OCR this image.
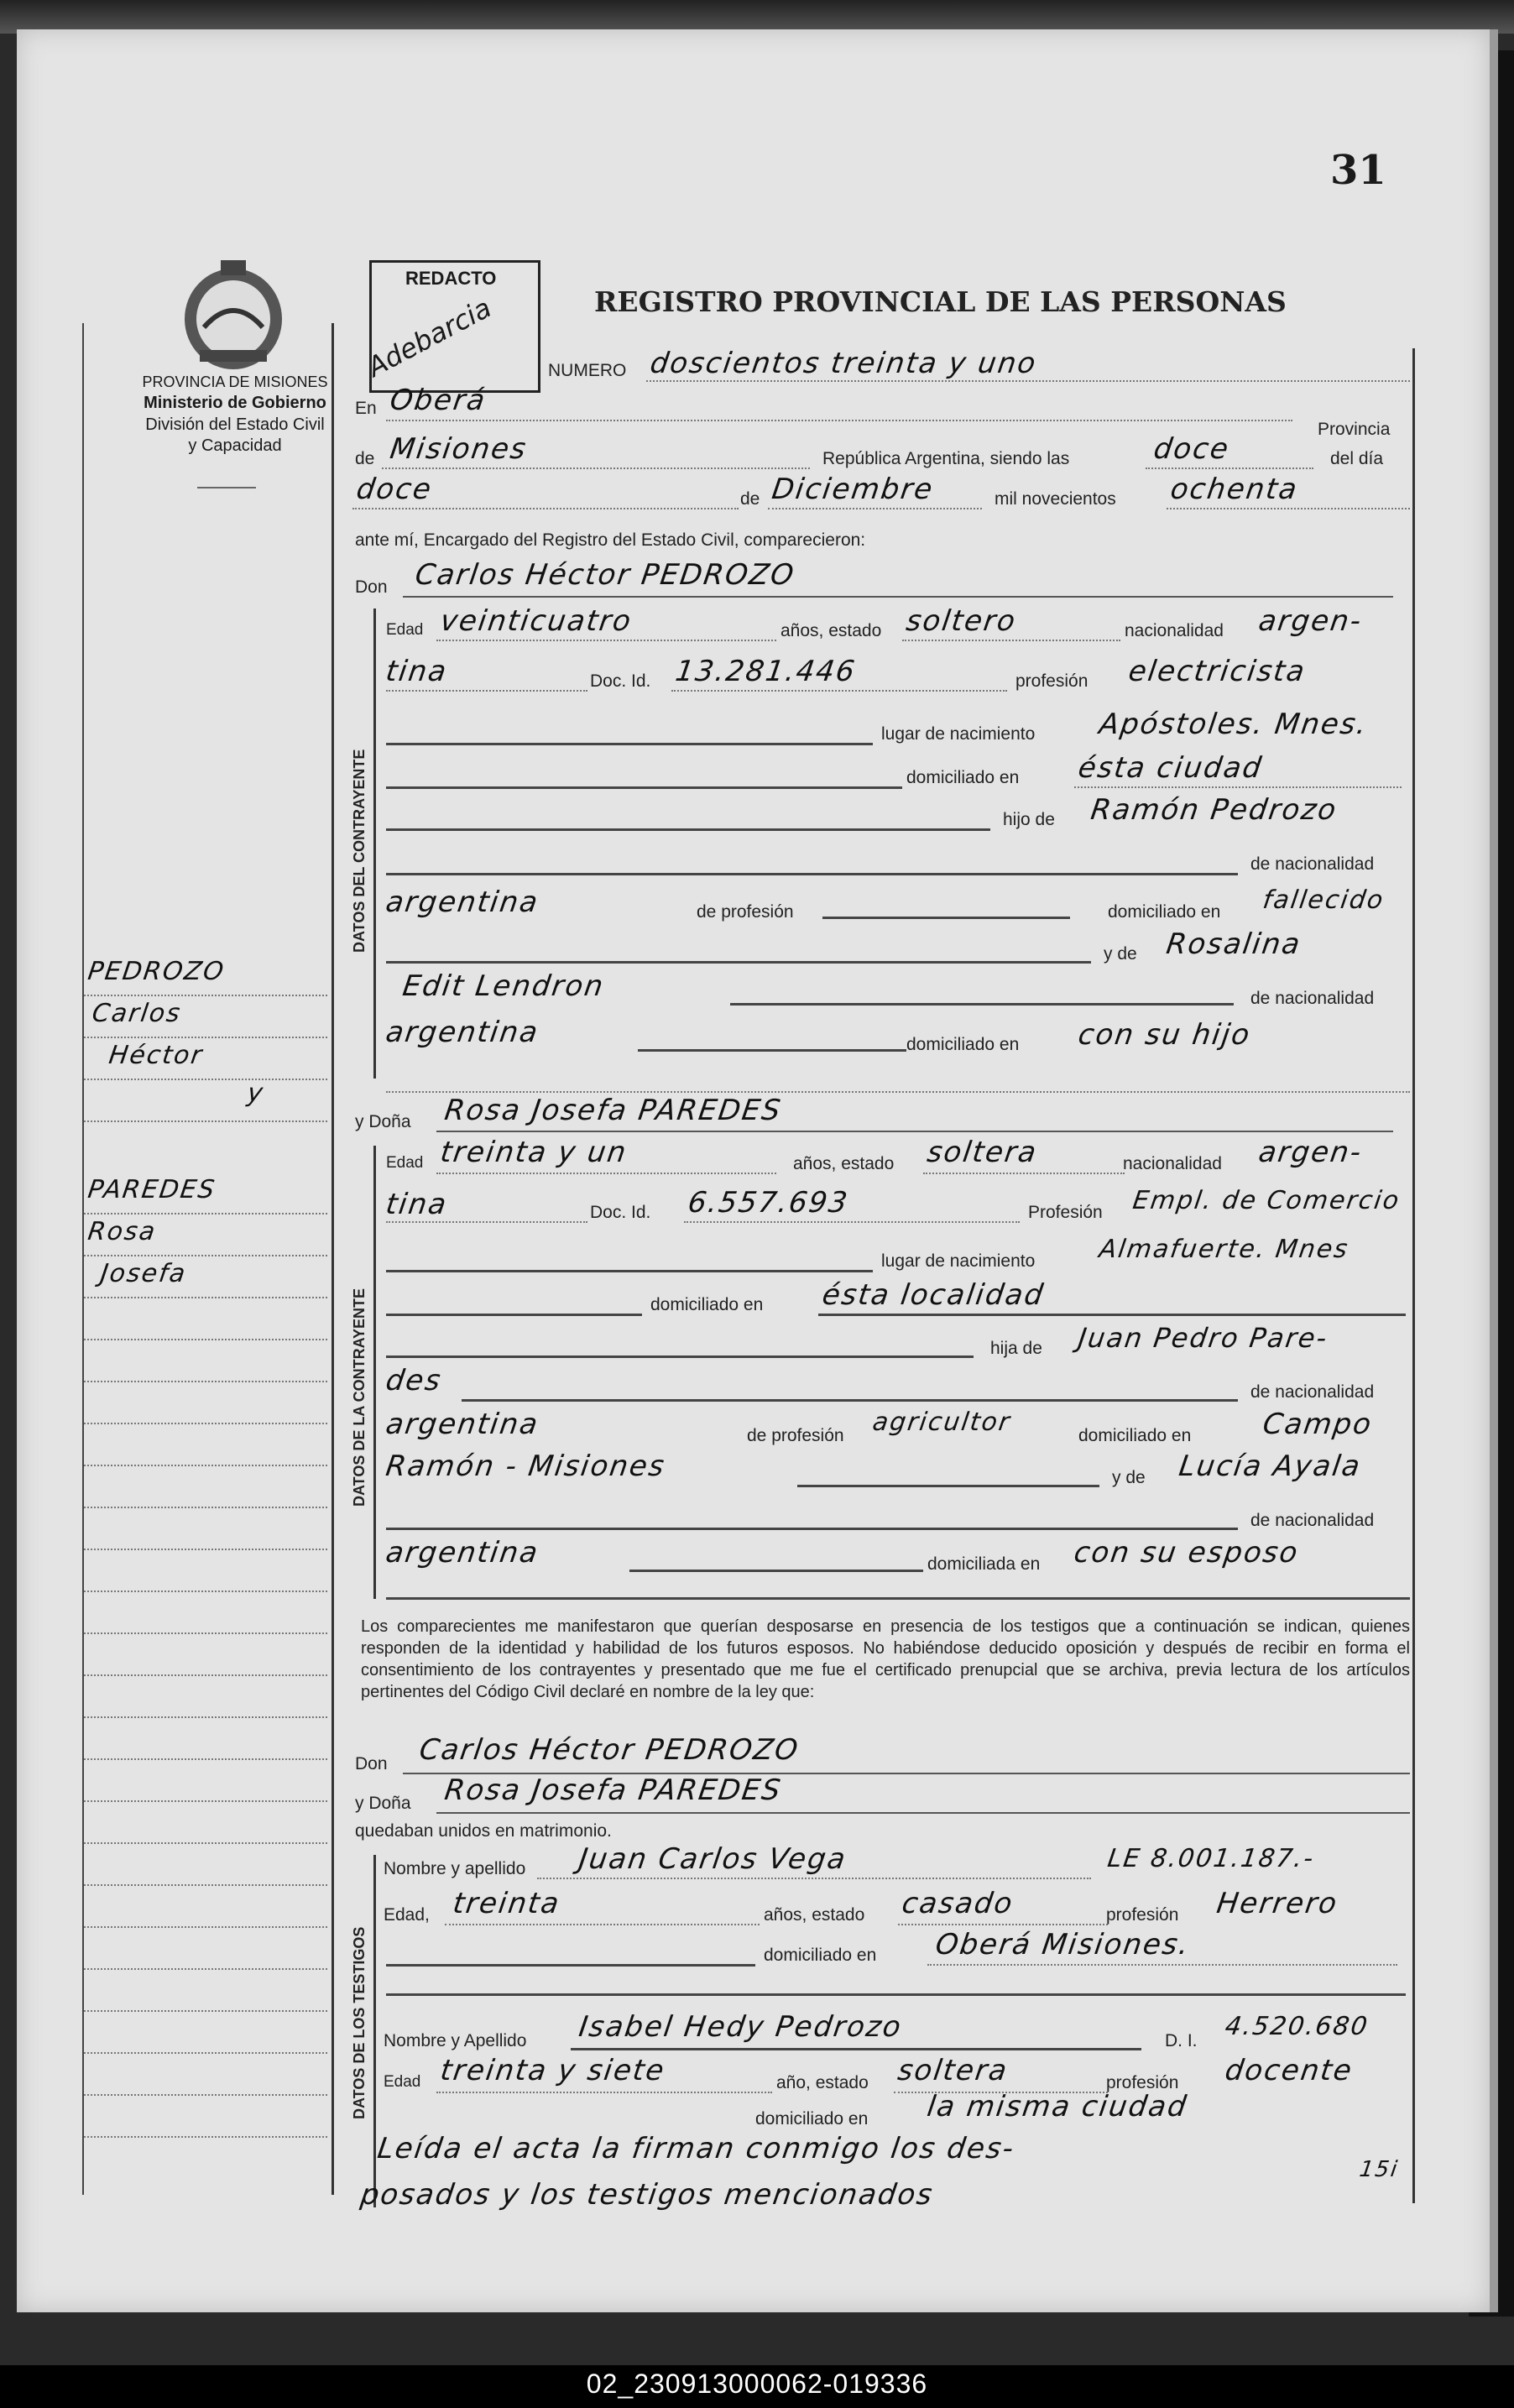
31
PROVINCIA DE MISIONES
Ministerio de Gobierno
División del Estado Civil
y Capacidad
PEDROZO
Carlos
Héctor
y
PAREDES
Rosa
Josefa
REDACTO
Adebarcia	REGISTRO PROVINCIAL DE LAS PERSONAS
NUMERO doscientos treinta y uno
En Oberá
Provincia
de Misiones	República Argentina, siendo las	doce	del día
doce	de Diciembre	mil novecientos ochenta
ante mí, Encargado del Registro del Estado Civil, comparecieron:
Don Carlos Héctor PEDROZO
DATOS DEL CONTRAYENTE
Edad veinticuatro	años, estado soltero	nacionalidad argen-
tina	Doc. Id. 13.281.446	profesión electricista
lugar de nacimiento Apóstoles. Mnes.
domiciliado en ésta ciudad
hijo de Ramón Pedrozo
de nacionalidad
argentina	de profesión	domiciliado en fallecido
y de Rosalina
Edit Lendron	de nacionalidad
argentina	domiciliado en con su hijo
y Doña Rosa Josefa PAREDES
DATOS DE LA CONTRAYENTE
Edad treinta y un	años, estado soltera	nacionalidad argen-
tina	Doc. Id. 6.557.693	Profesión Empl. de Comercio
lugar de nacimiento Almafuerte. Mnes
domiciliado en ésta localidad
hija de Juan Pedro Pare-
des	de nacionalidad
argentina	de profesión agricultor	domiciliado en Campo
Ramón - Misiones	y de Lucía Ayala
de nacionalidad
argentina	domiciliada en con su esposo
Los comparecientes me manifestaron que querían desposarse en presencia de los testigos que a continuación se indican, quienes responden de la identidad y habilidad de los futuros esposos. No habiéndose deducido oposición y después de recibir en forma el consentimiento de los contrayentes y presentado que me fue el certificado prenupcial que se archiva, previa lectura de los artículos pertinentes del Código Civil declaré en nombre de la ley que:
Don Carlos Héctor PEDROZO
y Doña Rosa Josefa PAREDES
quedaban unidos en matrimonio.
DATOS DE LOS TESTIGOS
Nombre y apellido Juan Carlos Vega	LE 8.001.187.-
Edad, treinta	años, estado casado	profesión Herrero
domiciliado en Oberá Misiones.
Nombre y Apellido Isabel Hedy Pedrozo	D. I. 4.520.680
Edad treinta y siete	año, estado soltera	profesión docente
domiciliado en la misma ciudad
Leída el acta la firman conmigo los des-
posados y los testigos mencionados
15i
02_230913000062-019336
